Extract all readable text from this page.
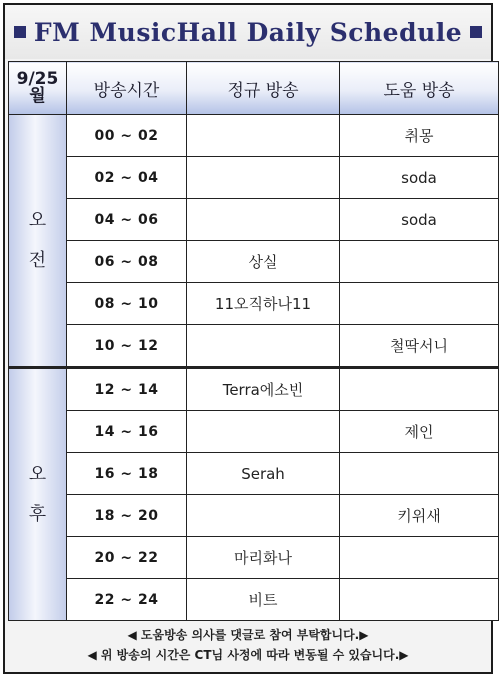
FM MusicHall Daily Schedule
9/25
월	방송시간	정규 방송	도움 방송

오
전	00 ~ 02		취몽
	02 ~ 04		soda
	04 ~ 06		soda
	06 ~ 08	상실	
	08 ~ 10	11오직하나11	
	10 ~ 12		철딱서니

오
후	12 ~ 14	Terra에소빈	
	14 ~ 16		제인
	16 ~ 18	Serah	
	18 ~ 20		키위새
	20 ~ 22	마리화나	
	22 ~ 24	비트	
◀ 도움방송 의사를 댓글로 참여 부탁합니다.▶
◀ 위 방송의 시간은 CT님 사정에 따라 변동될 수 있습니다.▶
